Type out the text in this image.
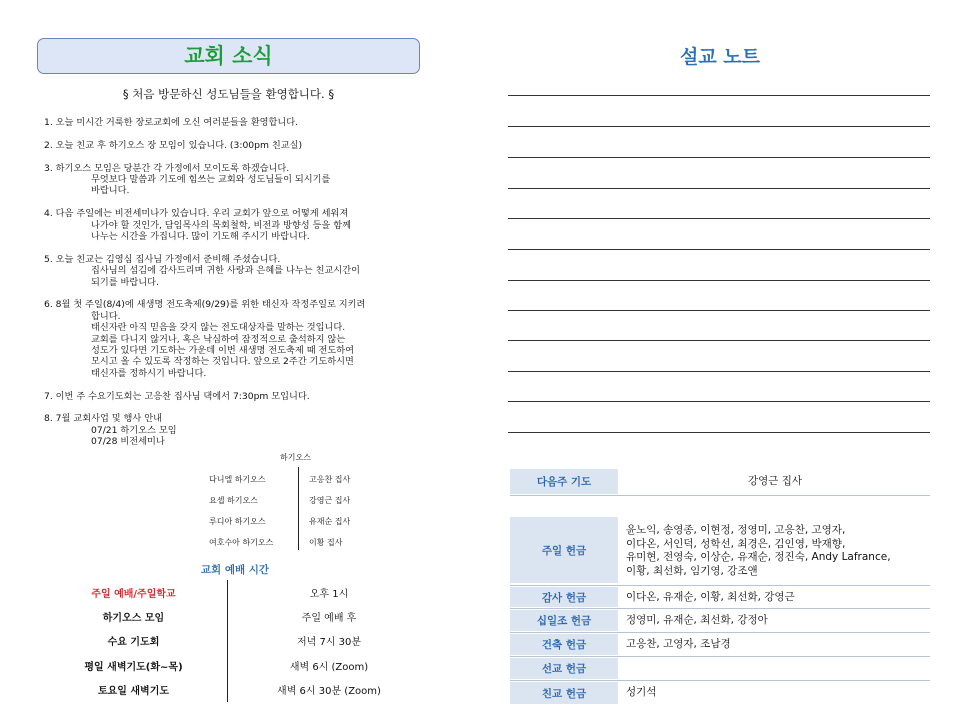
교회 소식
§ 처음 방문하신 성도님들을 환영합니다. §
1. 오늘 미시간 거룩한 장로교회에 오신 여러분들을 환영합니다.
2. 오늘 친교 후 하기오스 장 모임이 있습니다. (3:00pm 친교실)
3. 하기오스 모임은 당분간 각 가정에서 모이도록 하겠습니다.
무엇보다 말씀과 기도에 힘쓰는 교회와 성도님들이 되시기를
바랍니다.
4. 다음 주일에는 비전세미나가 있습니다. 우리 교회가 앞으로 어떻게 세워져
나가야 할 것인가, 담임목사의 목회철학, 비전과 방향성 등을 함께
나누는 시간을 가집니다. 많이 기도해 주시기 바랍니다.
5. 오늘 친교는 김영심 집사님 가정에서 준비해 주셨습니다.
집사님의 섬김에 감사드리며 귀한 사랑과 은혜를 나누는 친교시간이
되기를 바랍니다.
6. 8월 첫 주일(8/4)에 새생명 전도축제(9/29)를 위한 태신자 작정주일로 지키려
합니다.
태신자란 아직 믿음을 갖지 않는 전도대상자를 말하는 것입니다.
교회를 다니지 않거나, 혹은 낙심하여 잠정적으로 출석하지 않는
성도가 있다면 기도하는 가운데 이번 새생명 전도축제 때 전도하여
모시고 올 수 있도록 작정하는 것입니다. 앞으로 2주간 기도하시면
태신자를 정하시기 바랍니다.
7. 이번 주 수요기도회는 고응찬 집사님 댁에서 7:30pm 모입니다.
8. 7월 교회사업 및 행사 안내
07/21 하기오스 모임
07/28 비전세미나
하기오스
다니엘 하기오스	고응찬 집사
요셉 하기오스	강영근 집사
루디아 하기오스	유재순 집사
여호수아 하기오스	이황 집사
교회 예배 시간
주일 예배/주일학교	오후 1시
하기오스 모임	주일 예배 후
수요 기도회	저녁 7시 30분
평일 새벽기도(화~목)	새벽 6시 (Zoom)
토요일 새벽기도	새벽 6시 30분 (Zoom)
설교 노트
다음주 기도	강영근 집사
주일 헌금
윤노익, 송영종, 이현정, 정영미, 고응찬, 고영자,
이다온, 서인덕, 성학선, 최경은, 김인영, 박재향,
유미현, 전영숙, 이상순, 유재순, 정진숙, Andy Lafrance,
이황, 최선화, 임기영, 강조앤
감사 헌금	이다온, 유재순, 이황, 최선화, 강영근
십일조 헌금	정영미, 유재순, 최선화, 강정아
건축 헌금	고응찬, 고영자, 조남경
선교 헌금
친교 헌금	성기석
